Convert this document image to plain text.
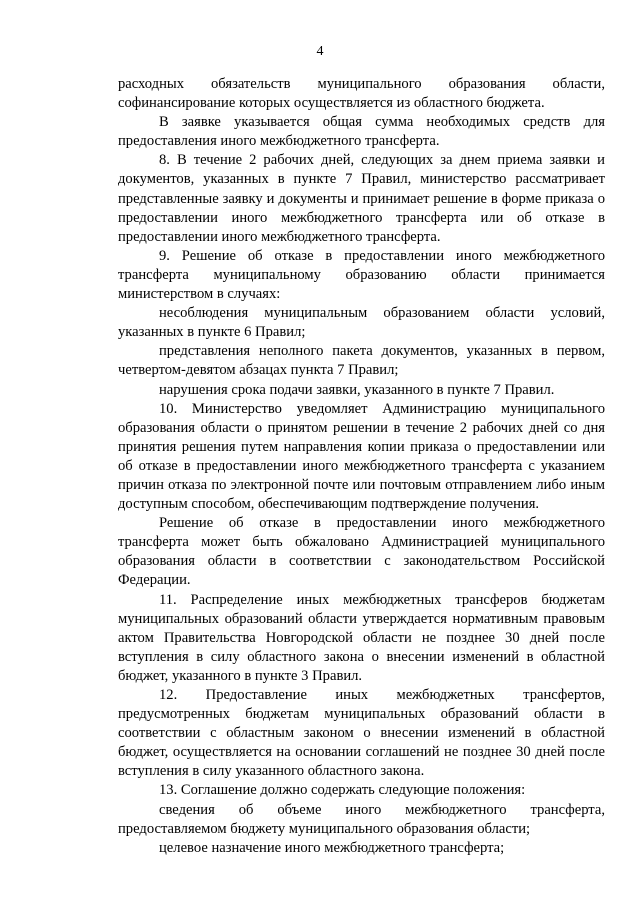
4

расходных обязательств муниципального образования области, софинансирование которых осуществляется из областного бюджета.

В заявке указывается общая сумма необходимых средств для предоставления иного межбюджетного трансферта.

8. В течение 2 рабочих дней, следующих за днем приема заявки и документов, указанных в пункте 7 Правил, министерство рассматривает представленные заявку и документы и принимает решение в форме приказа о предоставлении иного межбюджетного трансферта или об отказе в предоставлении иного межбюджетного трансферта.

9. Решение об отказе в предоставлении иного межбюджетного трансферта муниципальному образованию области принимается министерством в случаях:

несоблюдения муниципальным образованием области условий, указанных в пункте 6 Правил;

представления неполного пакета документов, указанных в первом, четвертом-девятом абзацах пункта 7 Правил;

нарушения срока подачи заявки, указанного в пункте 7 Правил.

10. Министерство уведомляет Администрацию муниципального образования области о принятом решении в течение 2 рабочих дней со дня принятия решения путем направления копии приказа о предоставлении или об отказе в предоставлении иного межбюджетного трансферта с указанием причин отказа по электронной почте или почтовым отправлением либо иным доступным способом, обеспечивающим подтверждение получения.

Решение об отказе в предоставлении иного межбюджетного трансферта может быть обжаловано Администрацией муниципального образования области в соответствии с законодательством Российской Федерации.

11. Распределение иных межбюджетных трансферов бюджетам муниципальных образований области утверждается нормативным правовым актом Правительства Новгородской области не позднее 30 дней после вступления в силу областного закона о внесении изменений в областной бюджет, указанного в пункте 3 Правил.

12. Предоставление иных межбюджетных трансфертов, предусмотренных бюджетам муниципальных образований области в соответствии с областным законом о внесении изменений в областной бюджет, осуществляется на основании соглашений не позднее 30 дней после вступления в силу указанного областного закона.

13. Соглашение должно содержать следующие положения:

сведения об объеме иного межбюджетного трансферта, предоставляемом бюджету муниципального образования области;

целевое назначение иного межбюджетного трансферта;
